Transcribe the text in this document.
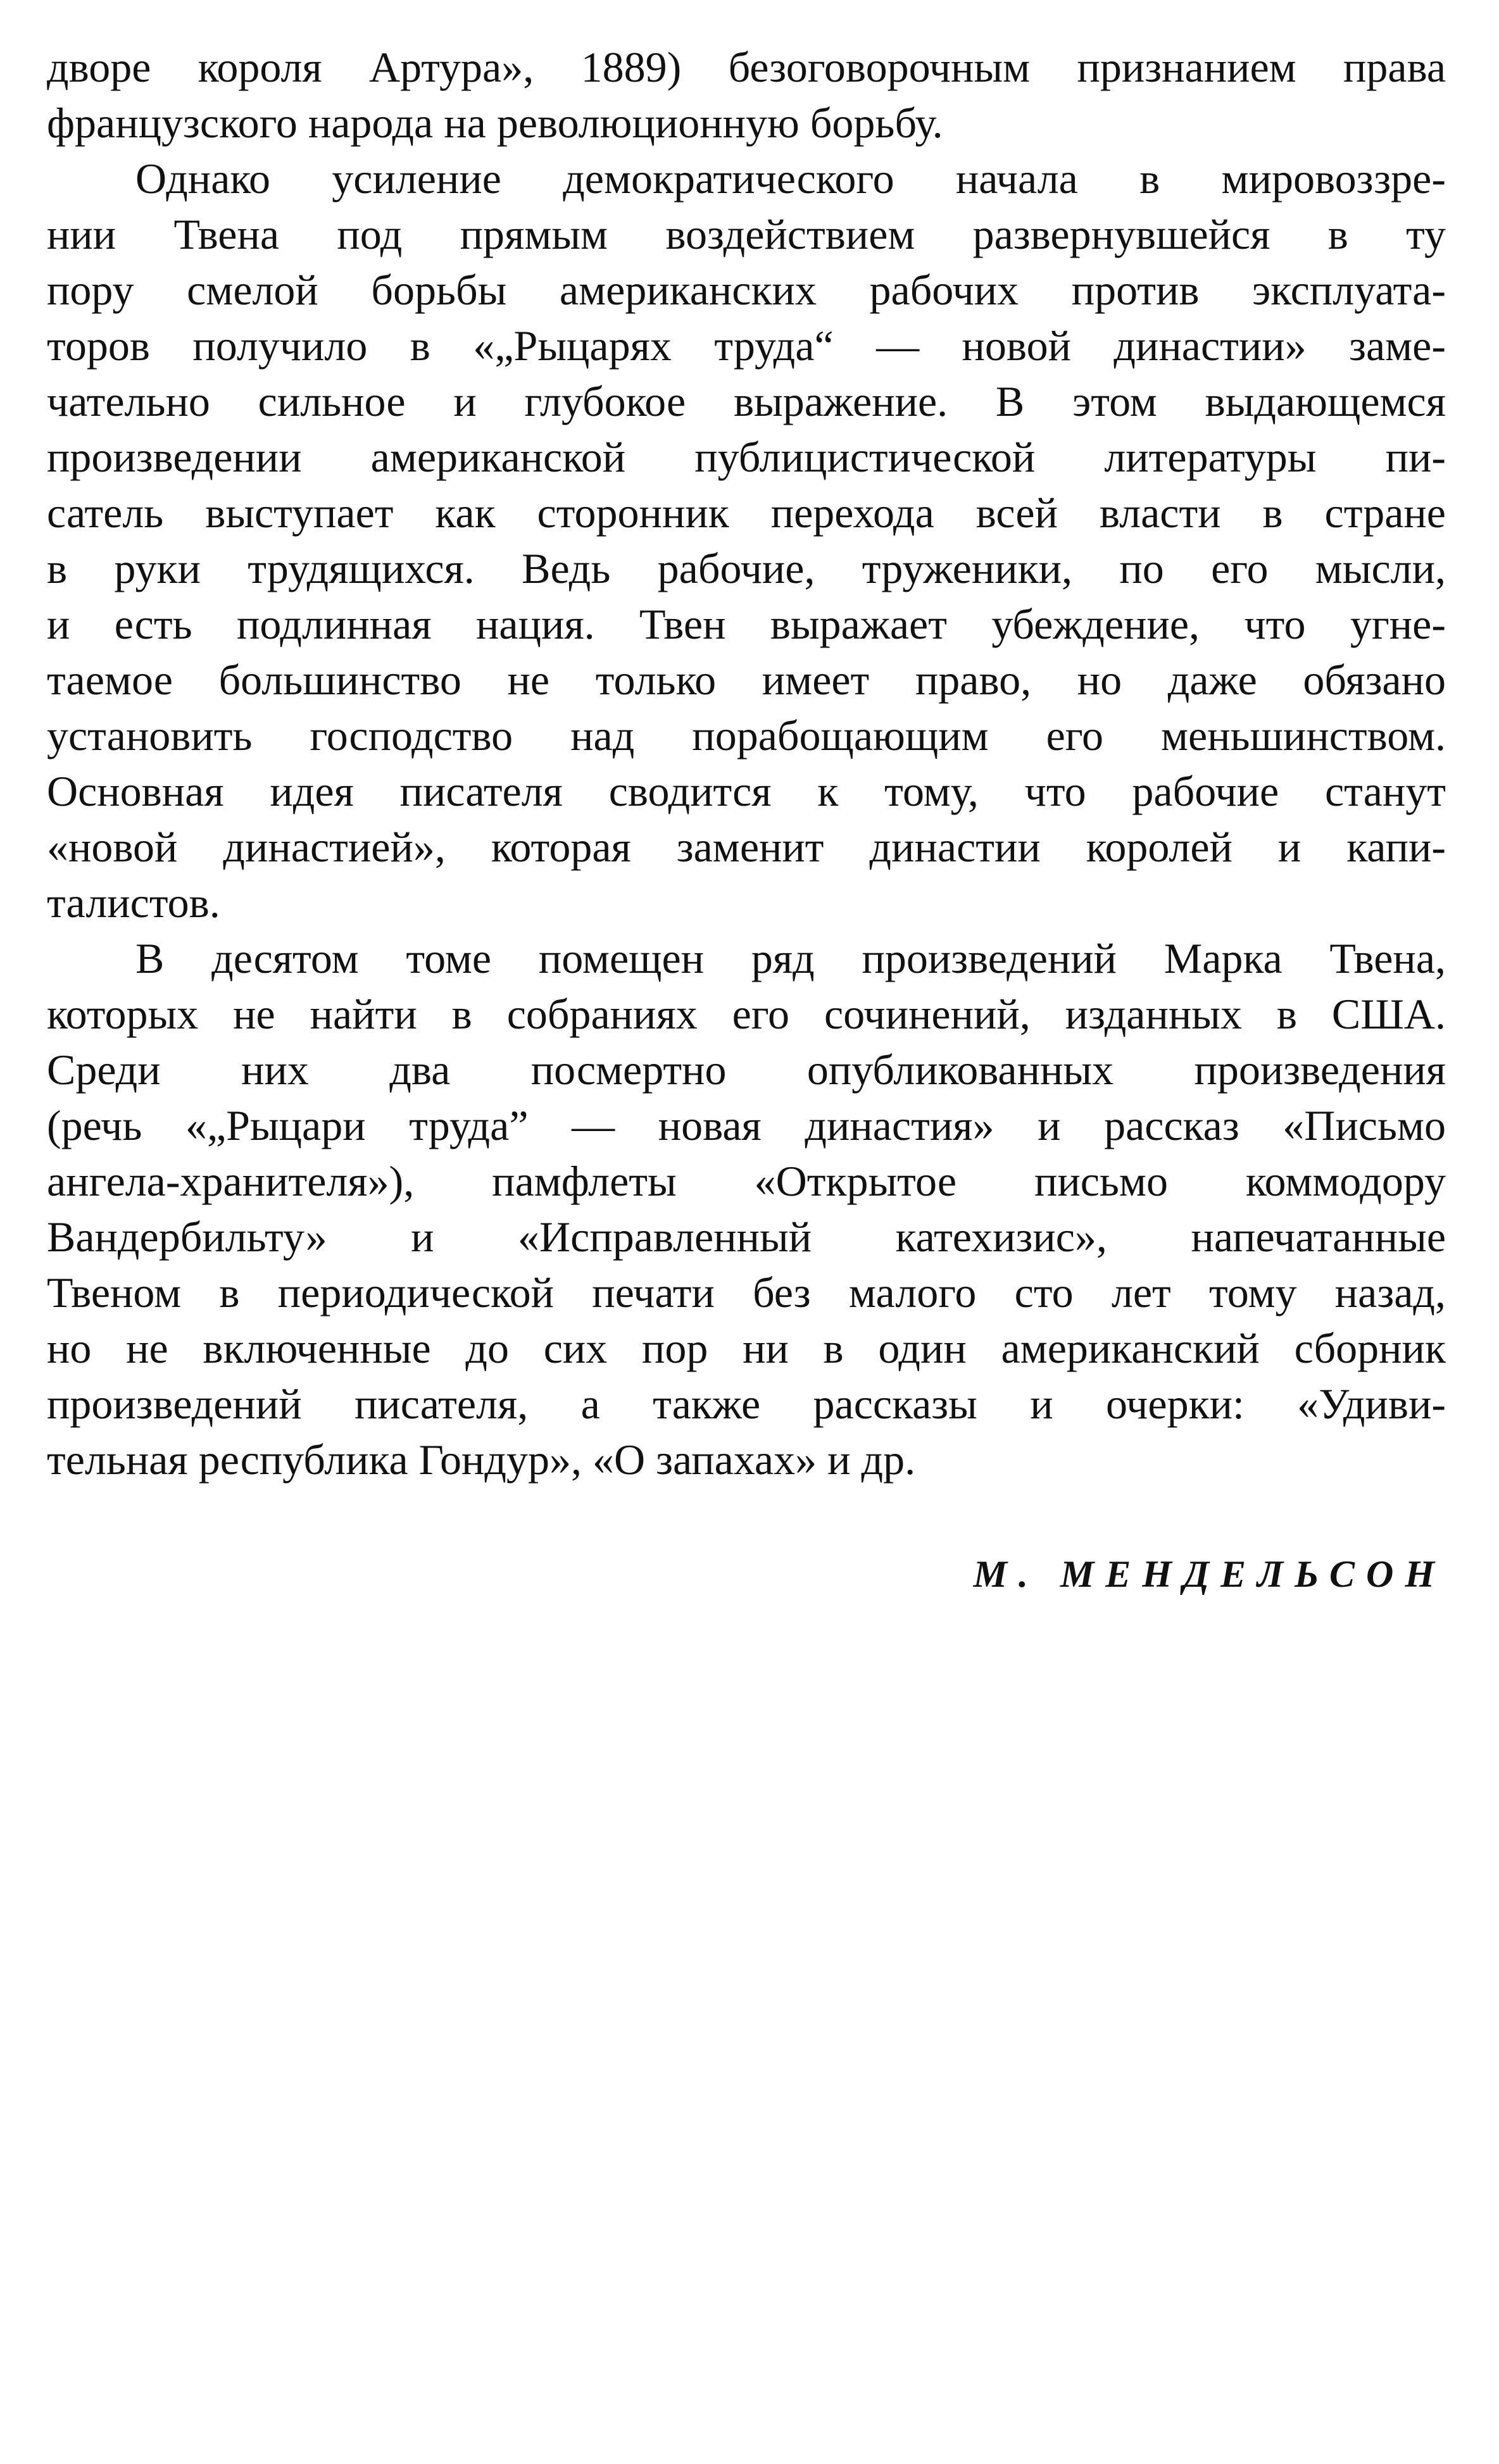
дворе короля Артура», 1889) безоговорочным признанием права
французского народа на революционную борьбу.
Однако усиление демократического начала в мировоззре-
нии Твена под прямым воздействием развернувшейся в ту
пору смелой борьбы американских рабочих против эксплуата-
торов получило в «„Рыцарях труда“ — новой династии» заме-
чательно сильное и глубокое выражение. В этом выдающемся
произведении американской публицистической литературы пи-
сатель выступает как сторонник перехода всей власти в стране
в руки трудящихся. Ведь рабочие, труженики, по его мысли,
и есть подлинная нация. Твен выражает убеждение, что угне-
таемое большинство не только имеет право, но даже обязано
установить господство над порабощающим его меньшинством.
Основная идея писателя сводится к тому, что рабочие станут
«новой династией», которая заменит династии королей и капи-
талистов.
В десятом томе помещен ряд произведений Марка Твена,
которых не найти в собраниях его сочинений, изданных в США.
Среди них два посмертно опубликованных произведения
(речь «„Рыцари труда” — новая династия» и рассказ «Письмо
ангела-хранителя»), памфлеты «Открытое письмо коммодору
Вандербильту» и «Исправленный катехизис», напечатанные
Твеном в периодической печати без малого сто лет тому назад,
но не включенные до сих пор ни в один американский сборник
произведений писателя, а также рассказы и очерки: «Удиви-
тельная республика Гондур», «О запахах» и др.
М. МЕНДЕЛЬСОН
